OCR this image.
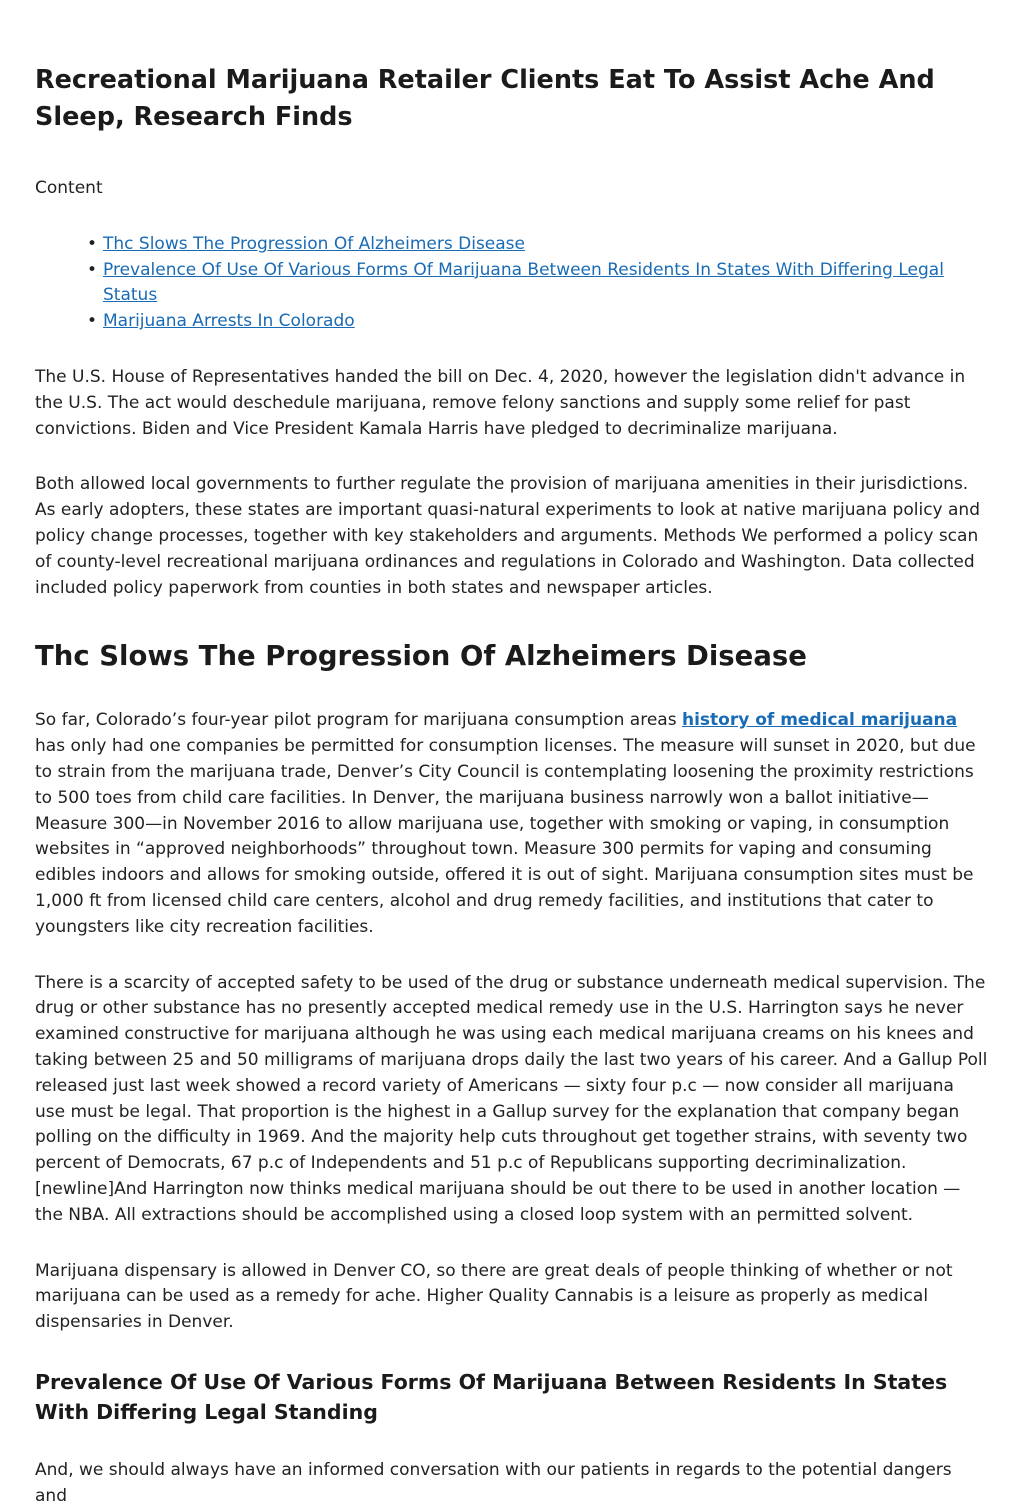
Recreational Marijuana Retailer Clients Eat To Assist Ache And Sleep, Research Finds

Content

• Thc Slows The Progression Of Alzheimers Disease
• Prevalence Of Use Of Various Forms Of Marijuana Between Residents In States With Differing Legal Status
• Marijuana Arrests In Colorado

The U.S. House of Representatives handed the bill on Dec. 4, 2020, however the legislation didn't advance in the U.S. The act would deschedule marijuana, remove felony sanctions and supply some relief for past convictions. Biden and Vice President Kamala Harris have pledged to decriminalize marijuana.

Both allowed local governments to further regulate the provision of marijuana amenities in their jurisdictions. As early adopters, these states are important quasi-natural experiments to look at native marijuana policy and policy change processes, together with key stakeholders and arguments. Methods We performed a policy scan of county-level recreational marijuana ordinances and regulations in Colorado and Washington. Data collected included policy paperwork from counties in both states and newspaper articles.

Thc Slows The Progression Of Alzheimers Disease

So far, Colorado’s four-year pilot program for marijuana consumption areas history of medical marijuana has only had one companies be permitted for consumption licenses. The measure will sunset in 2020, but due to strain from the marijuana trade, Denver’s City Council is contemplating loosening the proximity restrictions to 500 toes from child care facilities. In Denver, the marijuana business narrowly won a ballot initiative—Measure 300—in November 2016 to allow marijuana use, together with smoking or vaping, in consumption websites in “approved neighborhoods” throughout town. Measure 300 permits for vaping and consuming edibles indoors and allows for smoking outside, offered it is out of sight. Marijuana consumption sites must be 1,000 ft from licensed child care centers, alcohol and drug remedy facilities, and institutions that cater to youngsters like city recreation facilities.

There is a scarcity of accepted safety to be used of the drug or substance underneath medical supervision. The drug or other substance has no presently accepted medical remedy use in the U.S. Harrington says he never examined constructive for marijuana although he was using each medical marijuana creams on his knees and taking between 25 and 50 milligrams of marijuana drops daily the last two years of his career. And a Gallup Poll released just last week showed a record variety of Americans — sixty four p.c — now consider all marijuana use must be legal. That proportion is the highest in a Gallup survey for the explanation that company began polling on the difficulty in 1969. And the majority help cuts throughout get together strains, with seventy two percent of Democrats, 67 p.c of Independents and 51 p.c of Republicans supporting decriminalization. [newline]And Harrington now thinks medical marijuana should be out there to be used in another location — the NBA. All extractions should be accomplished using a closed loop system with an permitted solvent.

Marijuana dispensary is allowed in Denver CO, so there are great deals of people thinking of whether or not marijuana can be used as a remedy for ache. Higher Quality Cannabis is a leisure as properly as medical dispensaries in Denver.

Prevalence Of Use Of Various Forms Of Marijuana Between Residents In States With Differing Legal Standing

And, we should always have an informed conversation with our patients in regards to the potential dangers and
